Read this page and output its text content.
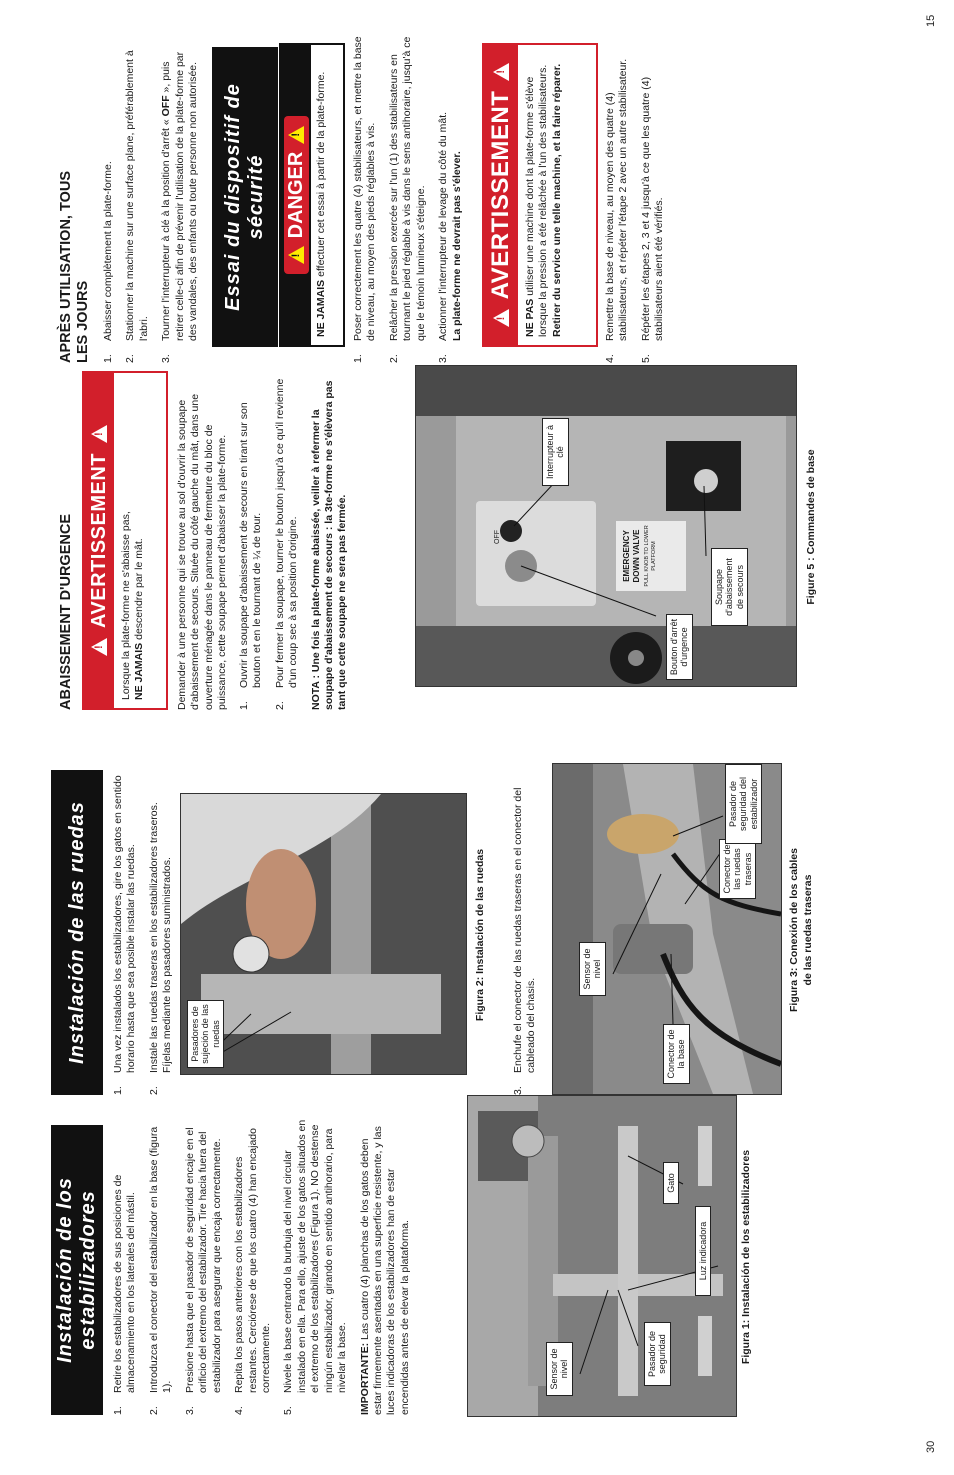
30
15
Instalación de los estabilizadores
1.
Retire los estabilizadores de sus posiciones de almacenamiento en los laterales del mástil.
2.
Introduzca el conector del estabilizador en la base (figura 1).
3.
Presione hasta que el pasador de seguridad encaje en el orificio del extremo del estabilizador. Tire hacia fuera del estabilizador para asegurar que encaja correctamente.
4.
Repita los pasos anteriores con los estabilizadores restantes. Cerciórese de que los cuatro (4) han encajado correctamente.
5.
Nivele la base centrando la burbuja del nivel circular instalado en ella. Para ello, ajuste de los gatos situados en el extremo de los estabilizadores (Figura 1). NO destense ningún estabilizador, girando en sentido antihorario, para nivelar la base. IMPORTANTE: Las cuatro (4) planchas de los gatos deben estar firmemente asentadas en una superficie resistente, y las luces indicadoras de los estabilizadores han de estar encendidas antes de elevar la plataforma.	Sensor de nivel	Pasador de seguridad
Luz indicadora
Gato	Figura 1: Instalación de los estabilizadores
Instalación de las ruedas
1.
Una vez instalados los estabilizadores, gire los gatos en sentido horario hasta que sea posible instalar las ruedas.
2.
Instale las ruedas traseras en los estabilizadores traseros. Fíjelas mediante los pasadores suministrados.	Pasadores de sujeción de las ruedas
Figura 2: Instalación de las ruedas
3.
Enchufe el conector de las ruedas traseras en el conector del cableado del chasis.	Conector de la base
Sensor de nivel
Conector de las ruedas traseras
Pasador de seguridad del estabilizador
Figura 3: Conexión de los cables de las ruedas traseras
ABAISSEMENT D'URGENCE
! AVERTISSEMENT
!	Lorsque la plate-forme ne s'abaisse pas,
NE JAMAIS descendre par le mât.	Demander à une personne qui se trouve au sol d'ouvrir la soupape d'abaissement de secours. Située du côté gauche du mât, dans une ouverture ménagée dans le panneau de fermeture du bloc de puissance, cette soupape permet d'abaisser la plate-forme. 1.
Ouvrir la soupape d'abaissement de secours en tirant sur son bouton et en le tournant de ¼ de tour.
2.
Pour fermer la soupape, tourner le bouton jusqu'à ce qu'il revienne d'un coup sec à sa position d'origine. NOTA : Une fois la plate-forme abaissée, veiller à refermer la soupape d'abaissement de secours : la 3te-forme ne s'élèvera pas tant que cette soupape ne sera pas fermée.	EMERGENCY DOWN VALVE PULL KNOB TO LOWER PLATFORM
OFF
Bouton d'arrêt d'urgence
Interrupteur à clé
Soupape d'abaissement de secours	Figure 5 : Commandes de base
APRÈS UTILISATION, TOUS LES JOURS 1.
Abaisser complètement la plate-forme.
2.
Stationner la machine sur une surface plane, préférablement à l'abri.
3.
Tourner l'interrupteur à clé à la position d'arrêt « OFF », puis retirer celle-ci afin de prévenir l'utilisation de la plate-forme par des vandales, des enfants ou toute personne non autorisée. Essai du dispositif de sécurité
! DANGER
!
NE JAMAIS effectuer cet essai à partir de la plate-forme.
1.
Poser correctement les quatre (4) stabilisateurs, et mettre la base de niveau, au moyen des pieds réglables à vis.
2.
Relâcher la pression exercée sur l'un (1) des stabilisateurs en tournant le pied réglable à vis dans le sens antihoraire, jusqu'à ce que le témoin lumineux s'éteigne.
3.
Actionner l'interrupteur de levage du côté du mât.
La plate-forme ne devrait pas s'élever.
! AVERTISSEMENT
!
NE PAS utiliser une machine dont la plate-forme s'élève lorsque la pression a été relâchée à l'un des stabilisateurs. Retirer du service une telle machine, et la faire réparer.
4.
Remettre la base de niveau, au moyen des quatre (4) stabilisateurs, et répéter l'étape 2 avec un autre stabilisateur.
5.
Répéter les étapes 2, 3 et 4 jusqu'à ce que les quatre (4) stabilisateurs aient été vérifiés.
